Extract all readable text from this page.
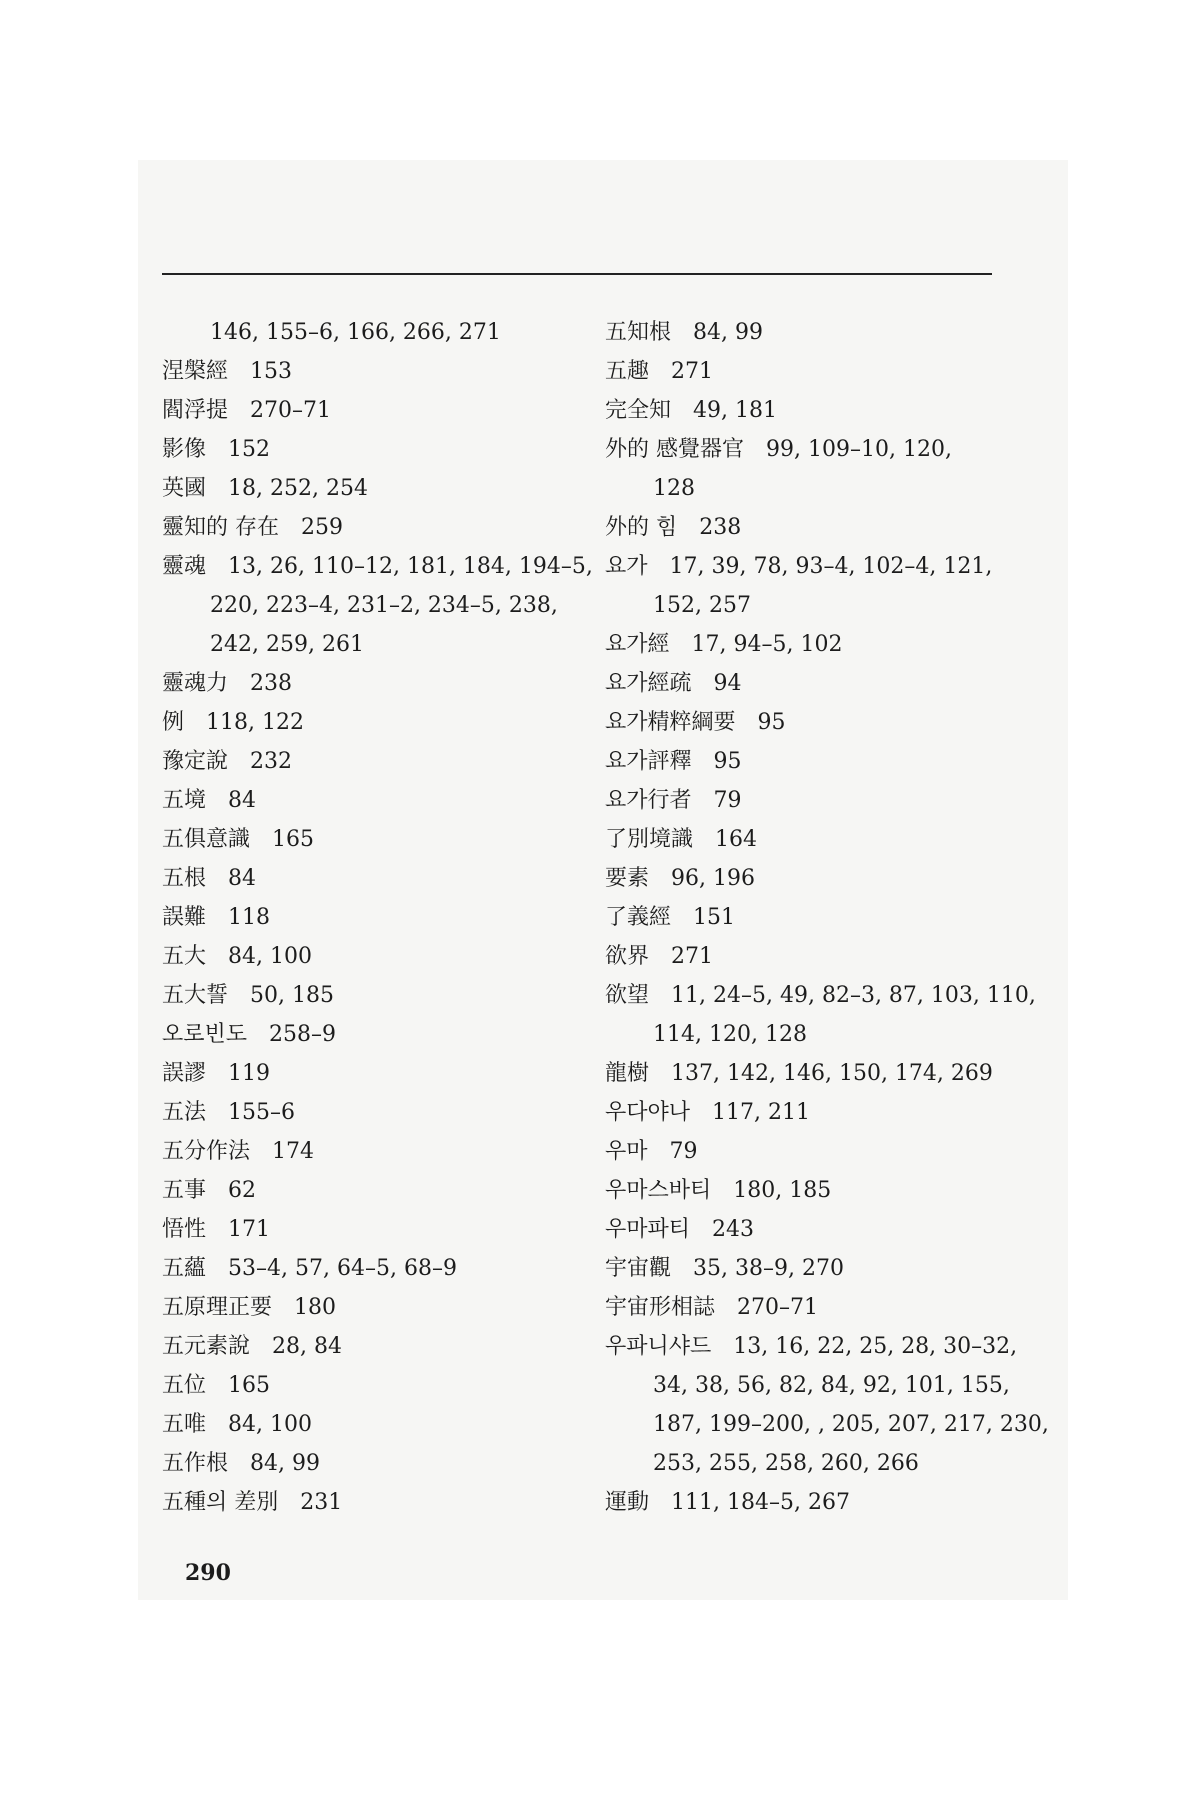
146, 155–6, 166, 266, 271
涅槃經 153
閻浮提 270–71
影像 152
英國 18, 252, 254
靈知的 存在 259
靈魂 13, 26, 110–12, 181, 184, 194–5,
220, 223–4, 231–2, 234–5, 238,
242, 259, 261
靈魂力 238
例 118, 122
豫定說 232
五境 84
五俱意識 165
五根 84
誤難 118
五大 84, 100
五大誓 50, 185
오로빈도 258–9
誤謬 119
五法 155–6
五分作法 174
五事 62
悟性 171
五蘊 53–4, 57, 64–5, 68–9
五原理正要 180
五元素說 28, 84
五位 165
五唯 84, 100
五作根 84, 99
五種의 差別 231
五知根 84, 99
五趣 271
完全知 49, 181
外的 感覺器官 99, 109–10, 120,
128
外的 힘 238
요가 17, 39, 78, 93–4, 102–4, 121,
152, 257
요가經 17, 94–5, 102
요가經疏 94
요가精粹綱要 95
요가評釋 95
요가行者 79
了別境識 164
要素 96, 196
了義經 151
欲界 271
欲望 11, 24–5, 49, 82–3, 87, 103, 110,
114, 120, 128
龍樹 137, 142, 146, 150, 174, 269
우다야나 117, 211
우마 79
우마스바티 180, 185
우마파티 243
宇宙觀 35, 38–9, 270
宇宙形相誌 270–71
우파니샤드 13, 16, 22, 25, 28, 30–32,
34, 38, 56, 82, 84, 92, 101, 155,
187, 199–200, , 205, 207, 217, 230,
253, 255, 258, 260, 266
運動 111, 184–5, 267
290
